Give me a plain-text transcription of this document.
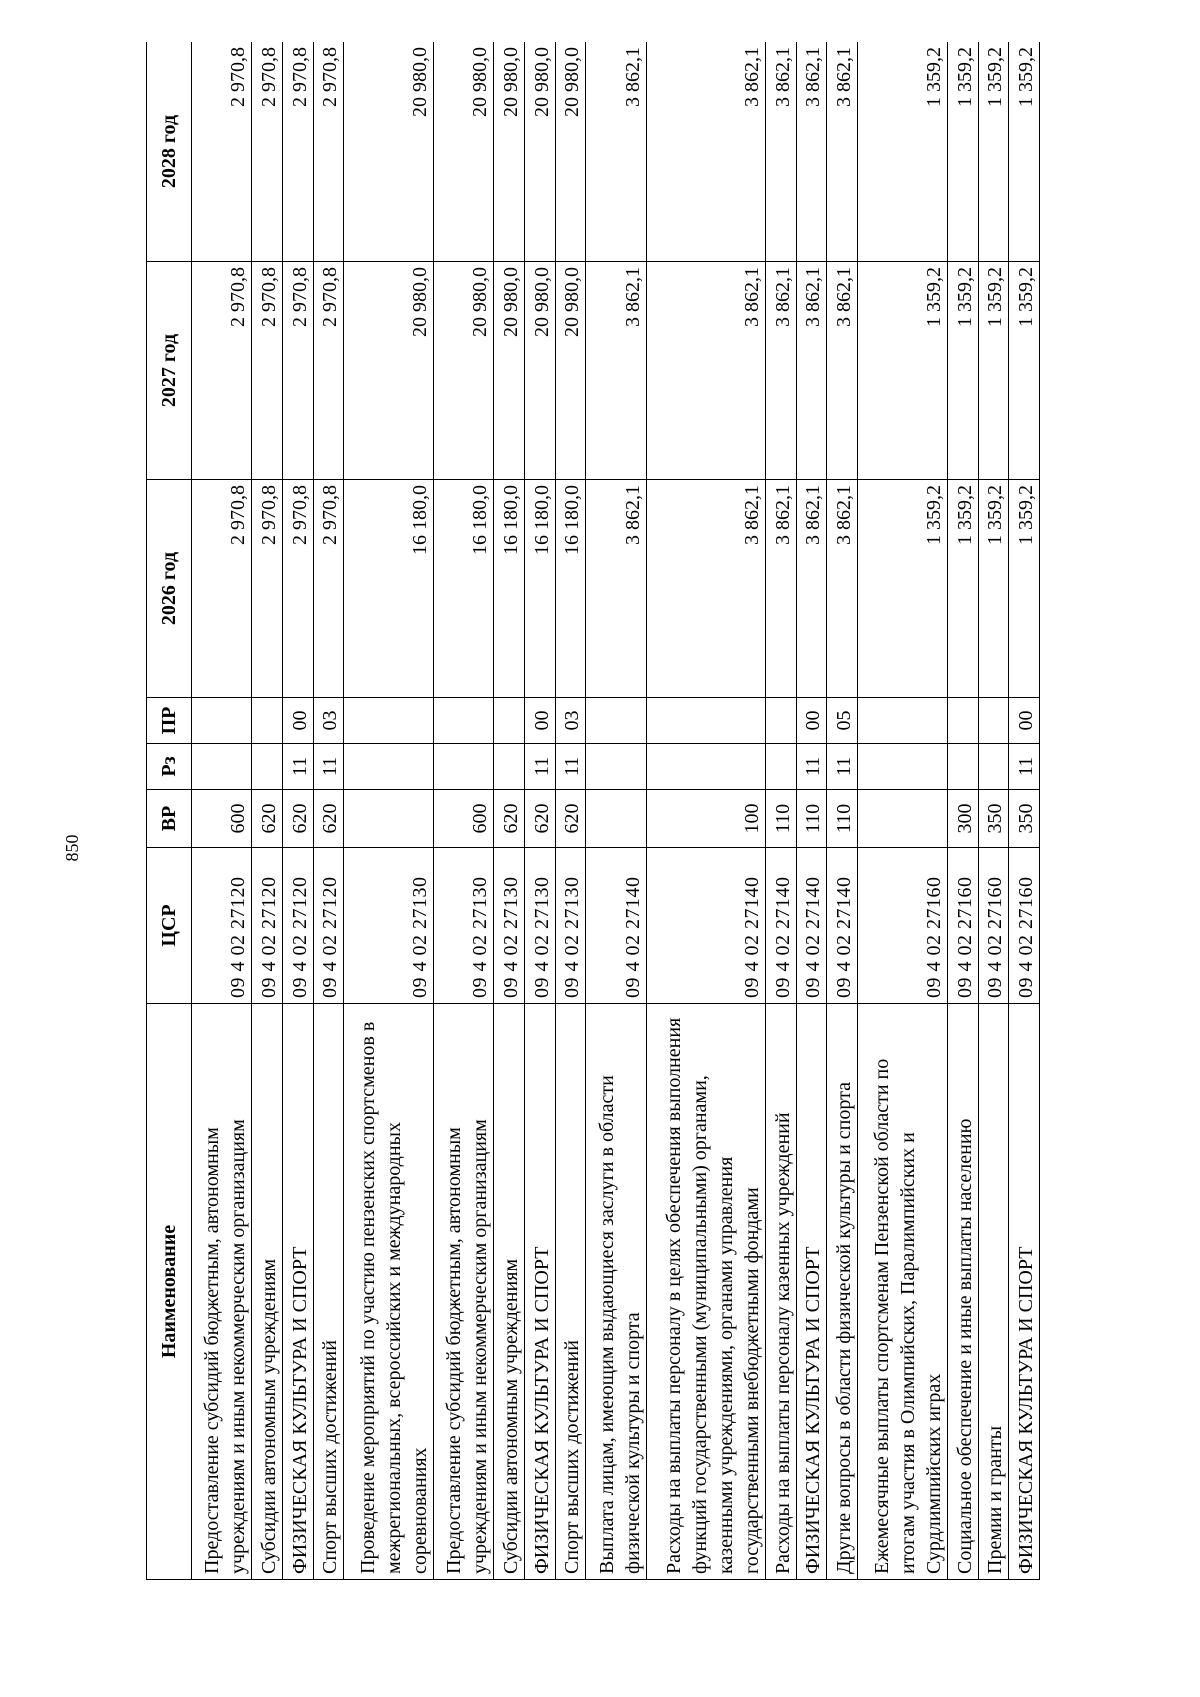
850
Наименование	ЦСР	ВР	Рз	ПР	2026 год	2027 год	2028 год
Предоставление субсидий бюджетным, автономным учреждениям и иным некоммерческим организациям	09 4 02 27120	600			2 970,8	2 970,8	2 970,8
Субсидии автономным учреждениям	09 4 02 27120	620			2 970,8	2 970,8	2 970,8
ФИЗИЧЕСКАЯ КУЛЬТУРА И СПОРТ	09 4 02 27120	620	11	00	2 970,8	2 970,8	2 970,8
Спорт высших достижений	09 4 02 27120	620	11	03	2 970,8	2 970,8	2 970,8
Проведение мероприятий по участию пензенских спортсменов в межрегиональных, всероссийских и международных соревнованиях	09 4 02 27130				16 180,0	20 980,0	20 980,0
Предоставление субсидий бюджетным, автономным учреждениям и иным некоммерческим организациям	09 4 02 27130	600			16 180,0	20 980,0	20 980,0
Субсидии автономным учреждениям	09 4 02 27130	620			16 180,0	20 980,0	20 980,0
ФИЗИЧЕСКАЯ КУЛЬТУРА И СПОРТ	09 4 02 27130	620	11	00	16 180,0	20 980,0	20 980,0
Спорт высших достижений	09 4 02 27130	620	11	03	16 180,0	20 980,0	20 980,0
Выплата лицам, имеющим выдающиеся заслуги в области физической культуры и спорта	09 4 02 27140				3 862,1	3 862,1	3 862,1
Расходы на выплаты персоналу в целях обеспечения выполнения функций государственными (муниципальными) органами, казенными учреждениями, органами управления государственными внебюджетными фондами	09 4 02 27140	100			3 862,1	3 862,1	3 862,1
Расходы на выплаты персоналу казенных учреждений	09 4 02 27140	110			3 862,1	3 862,1	3 862,1
ФИЗИЧЕСКАЯ КУЛЬТУРА И СПОРТ	09 4 02 27140	110	11	00	3 862,1	3 862,1	3 862,1
Другие вопросы в области физической культуры и спорта	09 4 02 27140	110	11	05	3 862,1	3 862,1	3 862,1
Ежемесячные выплаты спортсменам Пензенской области по итогам участия в Олимпийских, Паралимпийских и Сурдлимпийских играх	09 4 02 27160				1 359,2	1 359,2	1 359,2
Социальное обеспечение и иные выплаты населению	09 4 02 27160	300			1 359,2	1 359,2	1 359,2
Премии и гранты	09 4 02 27160	350			1 359,2	1 359,2	1 359,2
ФИЗИЧЕСКАЯ КУЛЬТУРА И СПОРТ	09 4 02 27160	350	11	00	1 359,2	1 359,2	1 359,2
